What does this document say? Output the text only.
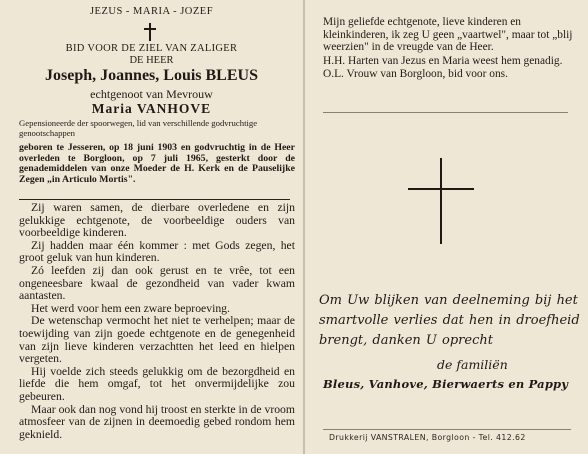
JEZUS - MARIA - JOZEF
BID VOOR DE ZIEL VAN ZALIGER
DE HEER
Joseph, Joannes, Louis BLEUS
echtgenoot van Mevrouw
Maria VANHOVE
Gepensioneerde der spoorwegen, lid van verschillende godvruchtige genootschappen
geboren te Jesseren, op 18 juni 1903 en godvruchtig in de Heer overleden te Borgloon, op 7 juli 1965, gesterkt door de genademiddelen van onze Moeder de H. Kerk en de Pauselijke Zegen „in Articulo Mortis".

Zij waren samen, de dierbare overledene en zijn gelukkige echtgenote, de voorbeeldige ouders van voorbeeldige kinderen.

Zij hadden maar één kommer : met Gods zegen, het groot geluk van hun kinderen.

Zó leefden zij dan ook gerust en te vrêe, tot een ongeneesbare kwaal de gezondheid van vader kwam aantasten.

Het werd voor hem een zware beproeving.

De wetenschap vermocht het niet te verhelpen; maar de toewijding van zijn goede echtgenote en de genegenheid van zijn lieve kinderen verzachtten het leed en hielpen vergeten.

Hij voelde zich steeds gelukkig om de bezorgdheid en liefde die hem omgaf, tot het onvermijdelijke zou gebeuren.

Maar ook dan nog vond hij troost en sterkte in de vroom atmosfeer van de zijnen in deemoedig gebed rondom hem geknield.

Mijn geliefde echtgenote, lieve kinderen en kleinkinderen, ik zeg U geen „vaartwel", maar tot „blij weerzien" in de vreugde van de Heer.

H.H. Harten van Jezus en Maria weest hem genadig.

O.L. Vrouw van Borgloon, bid voor ons.

Om Uw blijken van deelneming bij het smartvolle verlies dat hen in droefheid brengt, danken U oprecht
de familiën
Bleus, Vanhove, Bierwaerts en Pappy
Drukkerij VANSTRALEN, Borgloon - Tel. 412.62
